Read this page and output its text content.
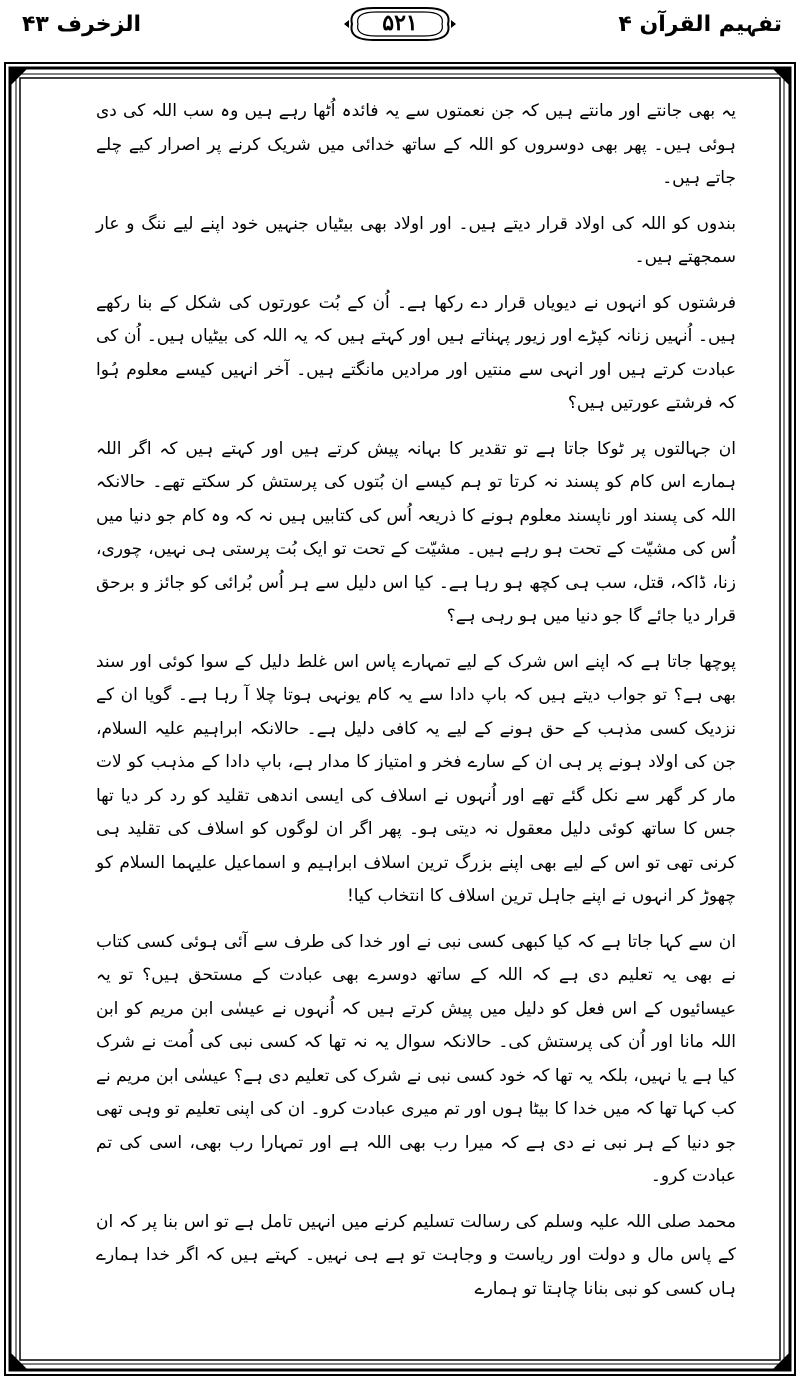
تفہیم القرآن ۴
۵۲۱
الزخرف ۴۳

یہ بھی جانتے اور مانتے ہیں کہ جن نعمتوں سے یہ فائدہ اُٹھا رہے ہیں وہ سب اللہ کی دی ہوئی ہیں۔ پھر بھی دوسروں کو اللہ کے ساتھ خدائی میں شریک کرنے پر اصرار کیے چلے جاتے ہیں۔

بندوں کو اللہ کی اولاد قرار دیتے ہیں۔ اور اولاد بھی بیٹیاں جنہیں خود اپنے لیے ننگ و عار سمجھتے ہیں۔

فرشتوں کو انہوں نے دیویاں قرار دے رکھا ہے۔ اُن کے بُت عورتوں کی شکل کے بنا رکھے ہیں۔ اُنہیں زنانہ کپڑے اور زیور پہناتے ہیں اور کہتے ہیں کہ یہ اللہ کی بیٹیاں ہیں۔ اُن کی عبادت کرتے ہیں اور انہی سے منتیں اور مرادیں مانگتے ہیں۔ آخر انہیں کیسے معلوم ہُوا کہ فرشتے عورتیں ہیں؟

ان جہالتوں پر ٹوکا جاتا ہے تو تقدیر کا بہانہ پیش کرتے ہیں اور کہتے ہیں کہ اگر اللہ ہمارے اس کام کو پسند نہ کرتا تو ہم کیسے ان بُتوں کی پرستش کر سکتے تھے۔ حالانکہ اللہ کی پسند اور ناپسند معلوم ہونے کا ذریعہ اُس کی کتابیں ہیں نہ کہ وہ کام جو دنیا میں اُس کی مشیّت کے تحت ہو رہے ہیں۔ مشیّت کے تحت تو ایک بُت پرستی ہی نہیں، چوری، زنا، ڈاکہ، قتل، سب ہی کچھ ہو رہا ہے۔ کیا اس دلیل سے ہر اُس بُرائی کو جائز و برحق قرار دیا جائے گا جو دنیا میں ہو رہی ہے؟

پوچھا جاتا ہے کہ اپنے اس شرک کے لیے تمہارے پاس اس غلط دلیل کے سوا کوئی اور سند بھی ہے؟ تو جواب دیتے ہیں کہ باپ دادا سے یہ کام یونہی ہوتا چلا آ رہا ہے۔ گویا ان کے نزدیک کسی مذہب کے حق ہونے کے لیے یہ کافی دلیل ہے۔ حالانکہ ابراہیم علیہ السلام، جن کی اولاد ہونے پر ہی ان کے سارے فخر و امتیاز کا مدار ہے، باپ دادا کے مذہب کو لات مار کر گھر سے نکل گئے تھے اور اُنہوں نے اسلاف کی ایسی اندھی تقلید کو رد کر دیا تھا جس کا ساتھ کوئی دلیل معقول نہ دیتی ہو۔ پھر اگر ان لوگوں کو اسلاف کی تقلید ہی کرنی تھی تو اس کے لیے بھی اپنے بزرگ ترین اسلاف ابراہیم و اسماعیل علیہما السلام کو چھوڑ کر انہوں نے اپنے جاہل ترین اسلاف کا انتخاب کیا!

ان سے کہا جاتا ہے کہ کیا کبھی کسی نبی نے اور خدا کی طرف سے آئی ہوئی کسی کتاب نے بھی یہ تعلیم دی ہے کہ اللہ کے ساتھ دوسرے بھی عبادت کے مستحق ہیں؟ تو یہ عیسائیوں کے اس فعل کو دلیل میں پیش کرتے ہیں کہ اُنہوں نے عیسٰی ابن مریم کو ابن اللہ مانا اور اُن کی پرستش کی۔ حالانکہ سوال یہ نہ تھا کہ کسی نبی کی اُمت نے شرک کیا ہے یا نہیں، بلکہ یہ تھا کہ خود کسی نبی نے شرک کی تعلیم دی ہے؟ عیسٰی ابن مریم نے کب کہا تھا کہ میں خدا کا بیٹا ہوں اور تم میری عبادت کرو۔ ان کی اپنی تعلیم تو وہی تھی جو دنیا کے ہر نبی نے دی ہے کہ میرا رب بھی اللہ ہے اور تمہارا رب بھی، اسی کی تم عبادت کرو۔

محمد صلی اللہ علیہ وسلم کی رسالت تسلیم کرنے میں انہیں تامل ہے تو اس بنا پر کہ ان کے پاس مال و دولت اور ریاست و وجاہت تو ہے ہی نہیں۔ کہتے ہیں کہ اگر خدا ہمارے ہاں کسی کو نبی بنانا چاہتا تو ہمارے
